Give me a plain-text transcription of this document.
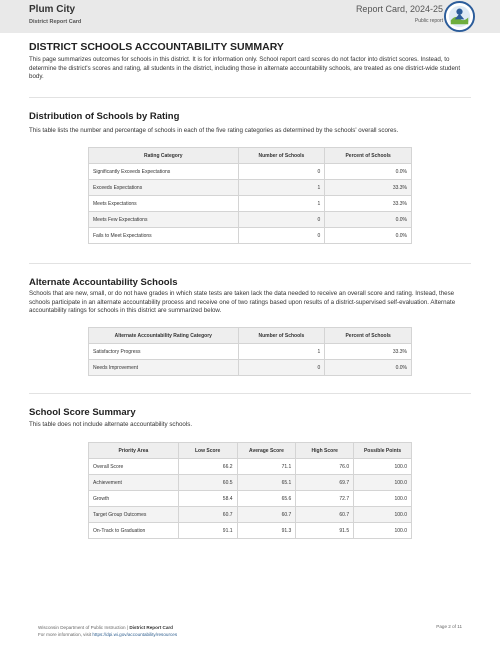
Plum City
District Report Card
Report Card, 2024-25
Public report
DISTRICT SCHOOLS ACCOUNTABILITY SUMMARY
This page summarizes outcomes for schools in this district. It is for information only. School report card scores do not factor into district scores. Instead, to determine the district's scores and rating, all students in the district, including those in alternate accountability schools, are treated as one district-wide student body.
Distribution of Schools by Rating
This table lists the number and percentage of schools in each of the five rating categories as determined by the schools' overall scores.
Rating Category	Number of Schools	Percent of Schools
Significantly Exceeds Expectations	0	0.0%
Exceeds Expectations	1	33.3%
Meets Expectations	1	33.3%
Meets Few Expectations	0	0.0%
Fails to Meet Expectations	0	0.0%
Alternate Accountability Schools
Schools that are new, small, or do not have grades in which state tests are taken lack the data needed to receive an overall score and rating. Instead, these schools participate in an alternate accountability process and receive one of two ratings based upon results of a district-supervised self-evaluation. Alternate accountability ratings for schools in this district are summarized below.
Alternate Accountability Rating Category	Number of Schools	Percent of Schools
Satisfactory Progress	1	33.3%
Needs Improvement	0	0.0%
School Score Summary
This table does not include alternate accountability schools.
Priority Area	Low Score	Average Score	High Score	Possible Points
Overall Score	66.2	71.1	76.0	100.0
Achievement	60.5	65.1	69.7	100.0
Growth	58.4	65.6	72.7	100.0
Target Group Outcomes	60.7	60.7	60.7	100.0
On-Track to Graduation	91.1	91.3	91.5	100.0
Wisconsin Department of Public Instruction | District Report Card
For more information, visit https://dpi.wi.gov/accountability/resources
Page 2 of 11
